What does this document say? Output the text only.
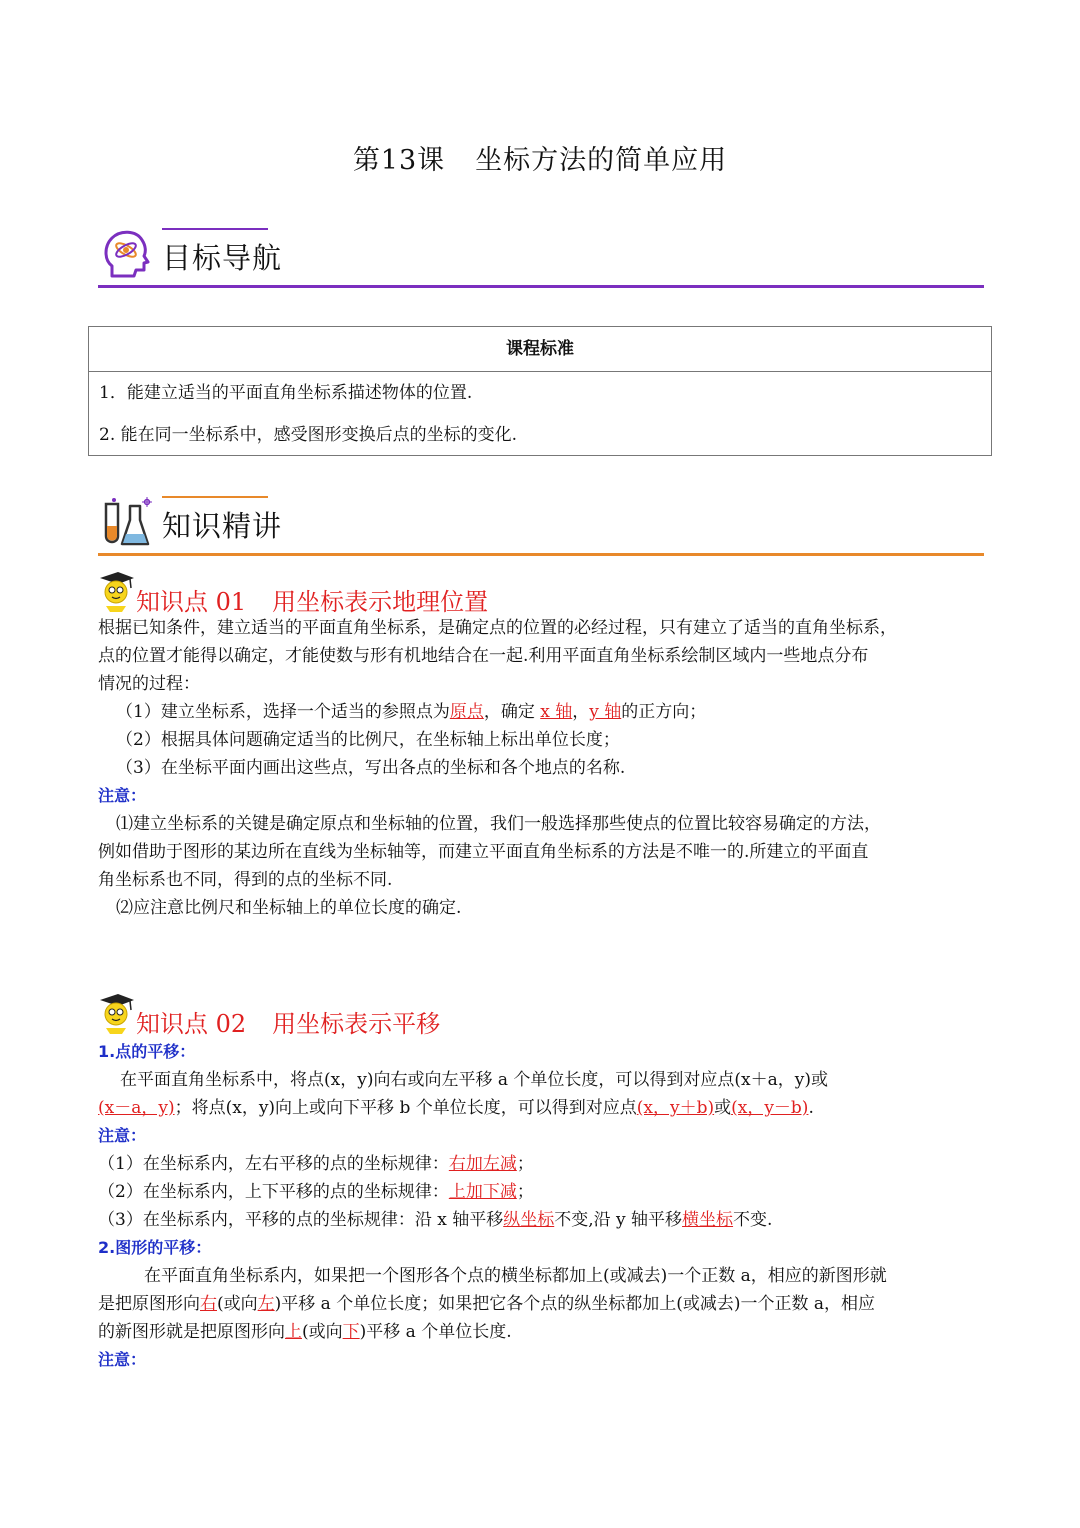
第13课 坐标方法的简单应用
目标导航
课程标准
1．能建立适当的平面直角坐标系描述物体的位置.
2. 能在同一坐标系中，感受图形变换后点的坐标的变化.
知识精讲
知识点 01 用坐标表示地理位置
根据已知条件，建立适当的平面直角坐标系，是确定点的位置的必经过程，只有建立了适当的直角坐标系，
点的位置才能得以确定，才能使数与形有机地结合在一起.利用平面直角坐标系绘制区域内一些地点分布
情况的过程：
（1）建立坐标系，选择一个适当的参照点为原点，确定 x 轴，y 轴的正方向；
（2）根据具体问题确定适当的比例尺，在坐标轴上标出单位长度；
（3）在坐标平面内画出这些点，写出各点的坐标和各个地点的名称.
注意：
⑴建立坐标系的关键是确定原点和坐标轴的位置，我们一般选择那些使点的位置比较容易确定的方法，
例如借助于图形的某边所在直线为坐标轴等，而建立平面直角坐标系的方法是不唯一的.所建立的平面直
角坐标系也不同，得到的点的坐标不同.
⑵应注意比例尺和坐标轴上的单位长度的确定.
知识点 02 用坐标表示平移
1.点的平移：
在平面直角坐标系中，将点(x，y)向右或向左平移 a 个单位长度，可以得到对应点(x＋a，y)或
(x－a，y)；将点(x，y)向上或向下平移 b 个单位长度，可以得到对应点(x，y＋b)或(x，y－b).
注意：
（1）在坐标系内，左右平移的点的坐标规律：右加左减；
（2）在坐标系内，上下平移的点的坐标规律：上加下减；
（3）在坐标系内，平移的点的坐标规律：沿 x 轴平移纵坐标不变,沿 y 轴平移横坐标不变.
2.图形的平移：
在平面直角坐标系内，如果把一个图形各个点的横坐标都加上(或减去)一个正数 a，相应的新图形就
是把原图形向右(或向左)平移 a 个单位长度；如果把它各个点的纵坐标都加上(或减去)一个正数 a，相应
的新图形就是把原图形向上(或向下)平移 a 个单位长度.
注意：
